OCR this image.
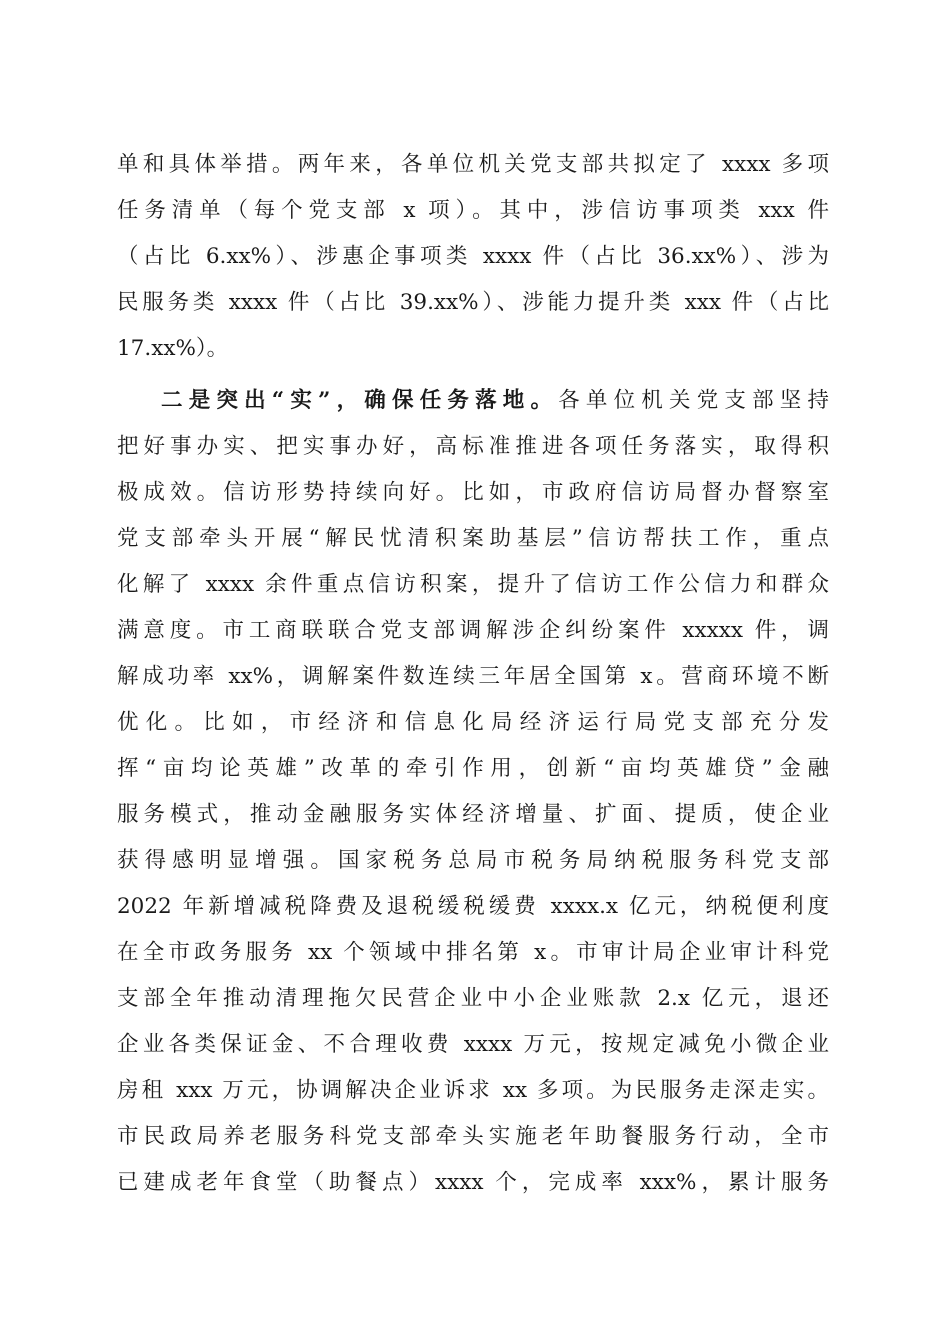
单和具体举措。两年来，各单位机关党支部共拟定了 xxxx 多项
任务清单（每个党支部 x 项）。其中，涉信访事项类 xxx 件
（占比 6.xx%）、涉惠企事项类 xxxx 件（占比 36.xx%）、涉为
民服务类 xxxx 件（占比 39.xx%）、涉能力提升类 xxx 件（占比
17.xx%）。
二是突出“实”，确保任务落地。各单位机关党支部坚持
把好事办实、把实事办好，高标准推进各项任务落实，取得积
极成效。信访形势持续向好。比如，市政府信访局督办督察室
党支部牵头开展“解民忧清积案助基层”信访帮扶工作，重点
化解了 xxxx 余件重点信访积案，提升了信访工作公信力和群众
满意度。市工商联联合党支部调解涉企纠纷案件 xxxxx 件，调
解成功率 xx%，调解案件数连续三年居全国第 x。营商环境不断
优化。比如，市经济和信息化局经济运行局党支部充分发
挥“亩均论英雄”改革的牵引作用，创新“亩均英雄贷”金融
服务模式，推动金融服务实体经济增量、扩面、提质，使企业
获得感明显增强。国家税务总局市税务局纳税服务科党支部
2022 年新增减税降费及退税缓税缓费 xxxx.x 亿元，纳税便利度
在全市政务服务 xx 个领域中排名第 x。市审计局企业审计科党
支部全年推动清理拖欠民营企业中小企业账款 2.x 亿元，退还
企业各类保证金、不合理收费 xxxx 万元，按规定减免小微企业
房租 xxx 万元，协调解决企业诉求 xx 多项。为民服务走深走实。
市民政局养老服务科党支部牵头实施老年助餐服务行动，全市
已建成老年食堂（助餐点）xxxx 个，完成率 xxx%，累计服务
